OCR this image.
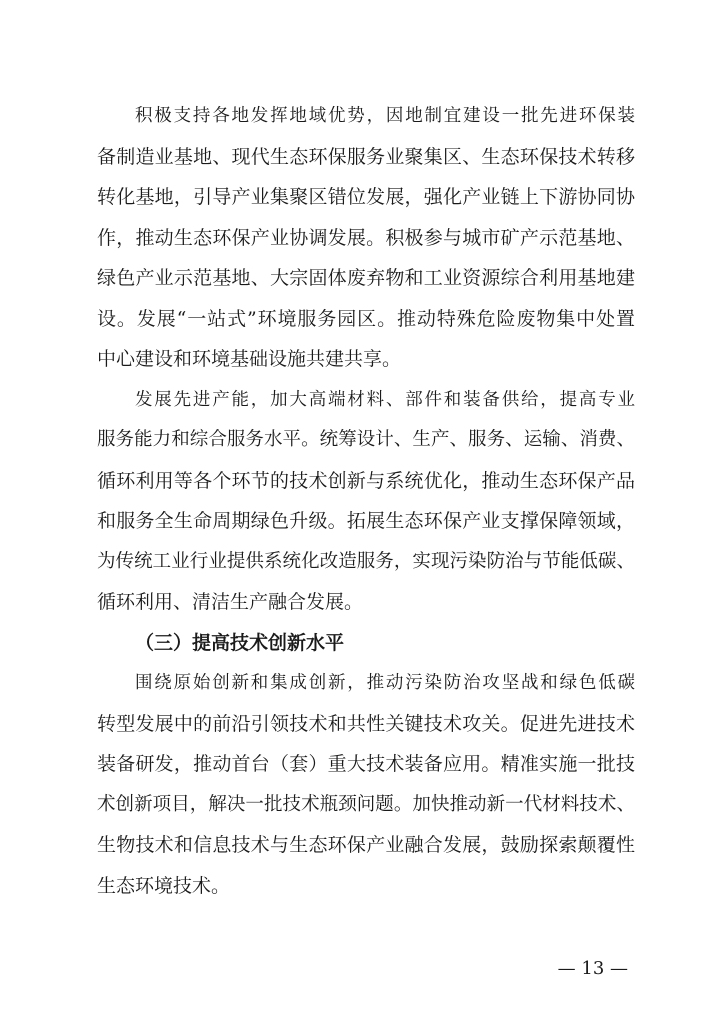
积极支持各地发挥地域优势，因地制宜建设一批先进环保装
备制造业基地、现代生态环保服务业聚集区、生态环保技术转移
转化基地，引导产业集聚区错位发展，强化产业链上下游协同协
作，推动生态环保产业协调发展。积极参与城市矿产示范基地、
绿色产业示范基地、大宗固体废弃物和工业资源综合利用基地建
设。发展“一站式”环境服务园区。推动特殊危险废物集中处置
中心建设和环境基础设施共建共享。
发展先进产能，加大高端材料、部件和装备供给，提高专业
服务能力和综合服务水平。统筹设计、生产、服务、运输、消费、
循环利用等各个环节的技术创新与系统优化，推动生态环保产品
和服务全生命周期绿色升级。拓展生态环保产业支撑保障领域，
为传统工业行业提供系统化改造服务，实现污染防治与节能低碳、
循环利用、清洁生产融合发展。
（三）提高技术创新水平
围绕原始创新和集成创新，推动污染防治攻坚战和绿色低碳
转型发展中的前沿引领技术和共性关键技术攻关。促进先进技术
装备研发，推动首台（套）重大技术装备应用。精准实施一批技
术创新项目，解决一批技术瓶颈问题。加快推动新一代材料技术、
生物技术和信息技术与生态环保产业融合发展，鼓励探索颠覆性
生态环境技术。
— 13 —
